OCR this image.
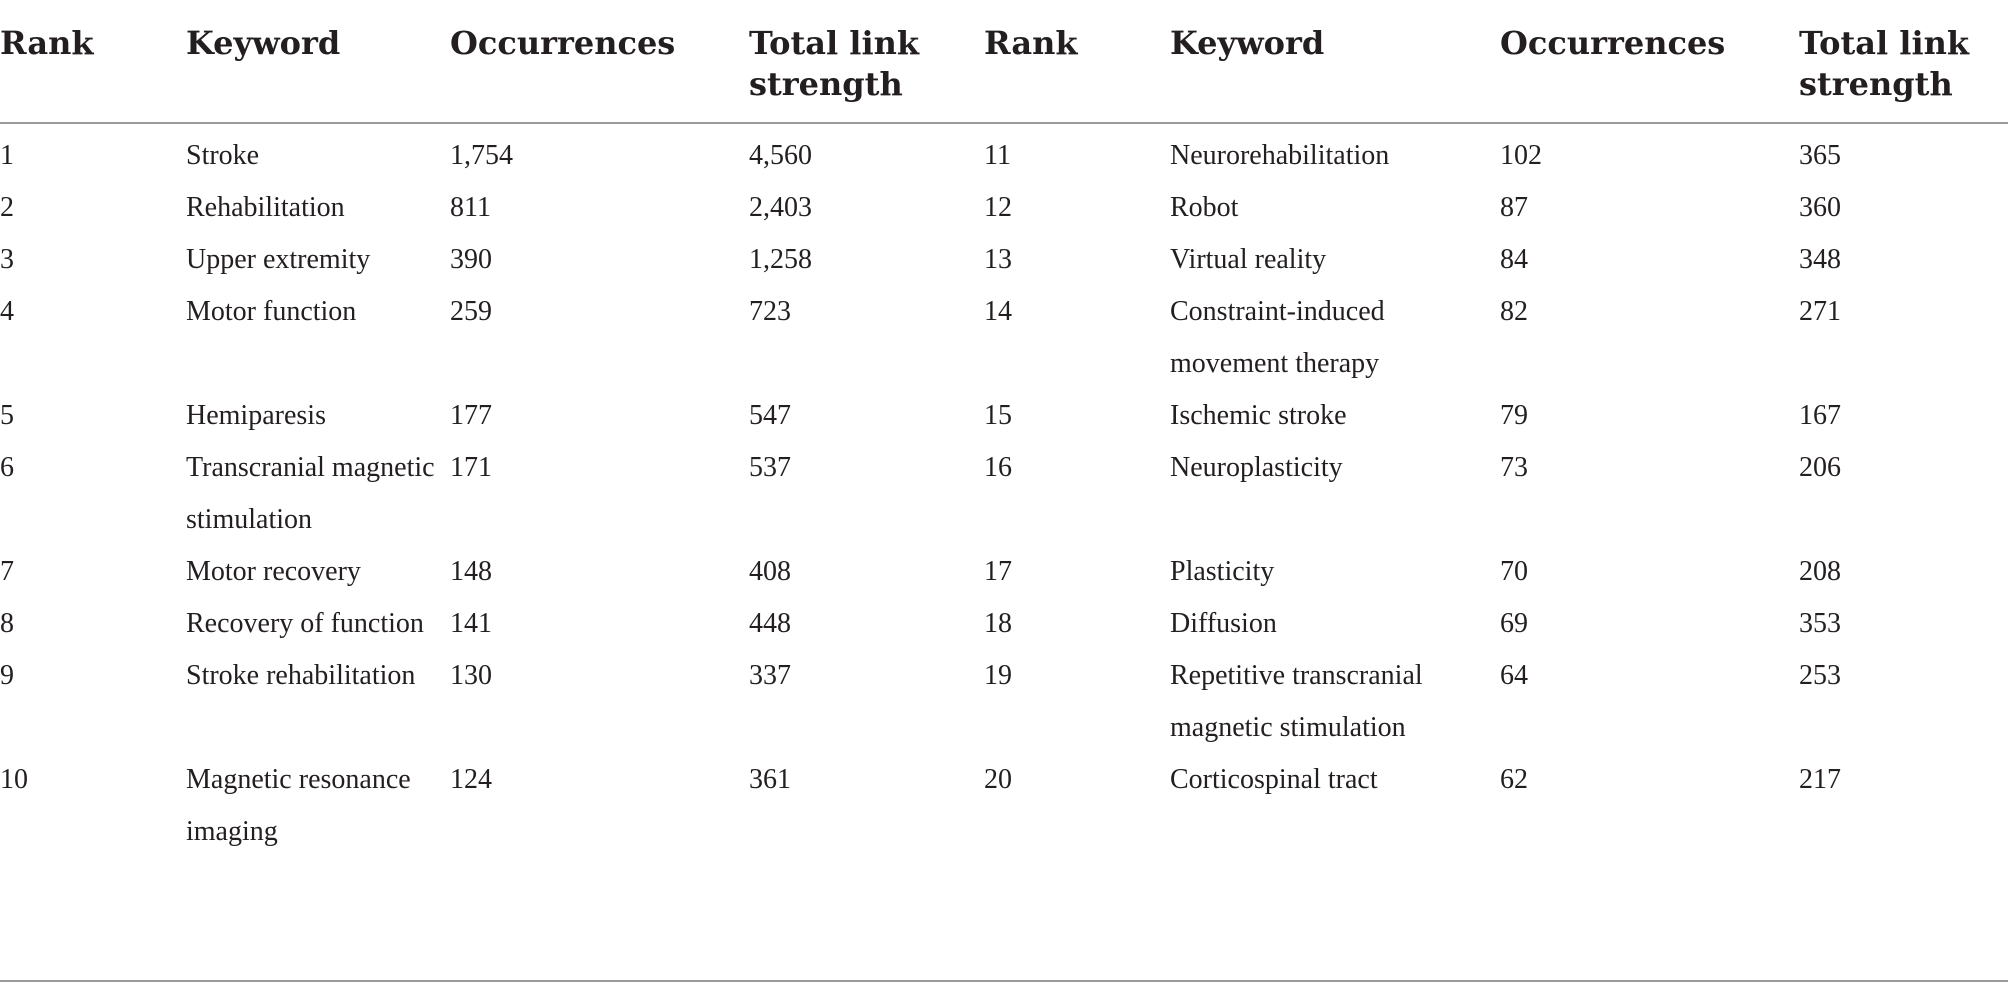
Rank	Keyword	Occurrences	Total link strength	Rank	Keyword	Occurrences	Total link strength

1	Stroke	1,754	4,560	11	Neurorehabilitation	102	365
2	Rehabilitation	811	2,403	12	Robot	87	360
3	Upper extremity	390	1,258	13	Virtual reality	84	348
4	Motor function	259	723	14	Constraint-induced movement therapy	82	271
5	Hemiparesis	177	547	15	Ischemic stroke	79	167
6	Transcranial magnetic stimulation	171	537	16	Neuroplasticity	73	206
7	Motor recovery	148	408	17	Plasticity	70	208
8	Recovery of function	141	448	18	Diffusion	69	353
9	Stroke rehabilitation	130	337	19	Repetitive transcranial magnetic stimulation	64	253
10	Magnetic resonance imaging	124	361	20	Corticospinal tract	62	217
